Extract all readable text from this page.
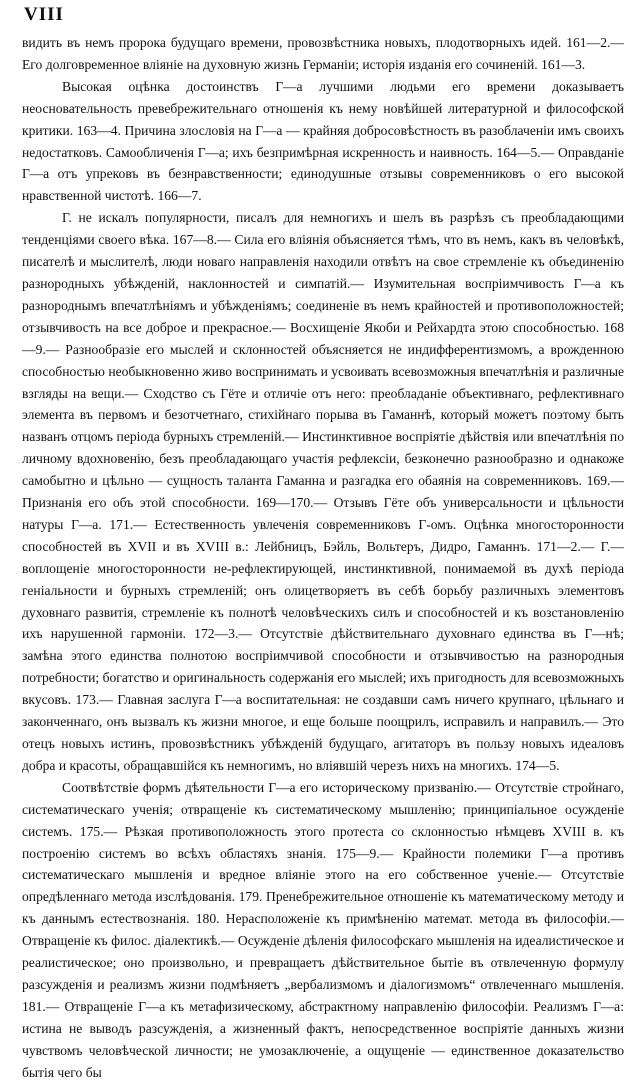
VIII

видить въ немъ пророка будущаго времени, провозвѣстника новыхъ, плодотворныхъ идей. 161—2.— Его долговременное вліяніе на духовную жизнь Германіи; исторія изданія его сочиненій. 161—3.

Высокая оцѣнка достоинствъ Г—а лучшими людьми его времени доказываетъ неосновательность превебрежительнаго отношенія къ нему новѣйшей литературной и философской критики. 163—4. Причина злословія на Г—а — крайняя добросовѣстность въ разоблаченіи имъ своихъ недостатковъ. Самообличенія Г—а; ихъ безпримѣрная искренность и наивность. 164—5.— Оправданіе Г—а отъ упрековъ въ безнравственности; единодушные отзывы современниковъ о его высокой нравственной чистотѣ. 166—7.

Г. не искалъ популярности, писалъ для немногихъ и шелъ въ разрѣзъ съ преобладающими тенденціями своего вѣка. 167—8.— Сила его вліянія объясняется тѣмъ, что въ немъ, какъ въ человѣкѣ, писателѣ и мыслителѣ, люди новаго направленія находили отвѣтъ на свое стремленіе къ объединенію разнородныхъ убѣжденій, наклонностей и симпатій.— Изумительная воспріимчивость Г—а къ разнороднымъ впечатлѣніямъ и убѣжденіямъ; соединеніе въ немъ крайностей и противоположностей; отзывчивость на все доброе и прекрасное.— Восхищеніе Якоби и Рейхардта этою способностью. 168—9.— Разнообразіе его мыслей и склонностей объясняется не индифферентизмомъ, а врожденною способностью необыкновенно живо воспринимать и усвоивать всевозможныя впечатлѣнія и различные взгляды на вещи.— Сходство съ Гёте и отличіе отъ него: преобладаніе объективнаго, рефлективнаго элемента въ первомъ и безотчетнаго, стихійнаго порыва въ Гаманнѣ, который можетъ поэтому быть названъ отцомъ періода бурныхъ стремленій.— Инстинктивное воспріятіе дѣйствія или впечатлѣнія по личному вдохновенію, безъ преобладающаго участія рефлексіи, безконечно разнообразно и однакоже самобытно и цѣльно — сущность таланта Гаманна и разгадка его обаянія на современниковъ. 169.— Признанія его объ этой способности. 169—170.— Отзывъ Гёте объ универсальности и цѣльности натуры Г—а. 171.— Естественность увлеченія современниковъ Г-омъ. Оцѣнка многосторонности способностей въ XVII и въ XVIII в.: Лейбницъ, Бэйль, Вольтеръ, Дидро, Гаманнъ. 171—2.— Г.— воплощеніе многосторонности не-рефлектирующей, инстинктивной, понимаемой въ духѣ періода геніальности и бурныхъ стремленій; онъ олицетворяетъ въ себѣ борьбу различныхъ элементовъ духовнаго развитія, стремленіе къ полнотѣ человѣческихъ силъ и способностей и къ возстановленію ихъ нарушенной гармоніи. 172—3.— Отсутствіе дѣйствительнаго духовнаго единства въ Г—нѣ; замѣна этого единства полнотою воспріимчивой способности и отзывчивостью на разнородныя потребности; богатство и оригинальность содержанія его мыслей; ихъ пригодность для всевозможныхъ вкусовъ. 173.— Главная заслуга Г—а воспитательная: не создавши самъ ничего крупнаго, цѣльнаго и законченнаго, онъ вызвалъ къ жизни многое, и еще больше поощрилъ, исправилъ и направилъ.— Это отецъ новыхъ истинъ, провозвѣстникъ убѣжденій будущаго, агитаторъ въ пользу новыхъ идеаловъ добра и красоты, обращавшійся къ немногимъ, но вліявшій черезъ нихъ на многихъ. 174—5.

Соотвѣтствіе формъ дѣятельности Г—а его историческому призванію.— Отсутствіе стройнаго, систематическаго ученія; отвращеніе къ систематическому мышленію; принципіальное осужденіе системъ. 175.— Рѣзкая противоположность этого протеста со склонностью нѣмцевъ XVIII в. къ построенію системъ во всѣхъ областяхъ знанія. 175—9.— Крайности полемики Г—а противъ систематическаго мышленія и вредное вліяніе этого на его собственное ученіе.— Отсутствіе опредѣленнаго метода изслѣдованія. 179. Пренебрежительное отношеніе къ математическому методу и къ даннымъ естествознанія. 180. Нерасположеніе къ примѣненію математ. метода въ философіи.— Отвращеніе къ филос. діалектикѣ.— Осужденіе дѣленія философскаго мышленія на идеалистическое и реалистическое; оно произвольно, и превращаетъ дѣйствительное бытіе въ отвлеченную формулу разсужденія и реализмъ жизни подмѣняетъ „вербализмомъ и діалогизмомъ“ отвлеченнаго мышленія. 181.— Отвращеніе Г—а къ метафизическому, абстрактному направленію философіи. Реализмъ Г—а: истина не выводъ разсужденія, а жизненный фактъ, непосредственное воспріятіе данныхъ жизни чувствомъ человѣческой личности; не умозаключеніе, а ощущеніе — единственное доказательство бытія чего бы
